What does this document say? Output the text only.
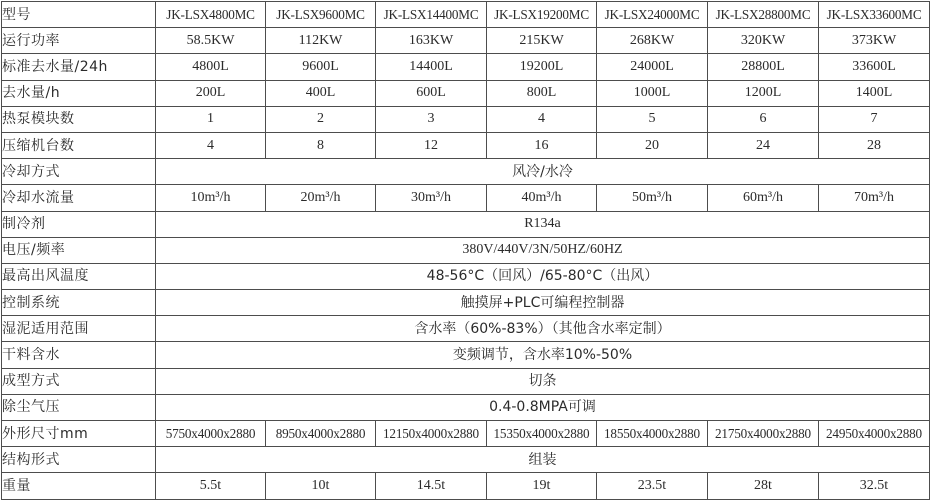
型号	JK-LSX4800MC	JK-LSX9600MC	JK-LSX14400MC	JK-LSX19200MC	JK-LSX24000MC	JK-LSX28800MC	JK-LSX33600MC
运行功率	58.5KW	112KW	163KW	215KW	268KW	320KW	373KW
标准去水量/24h	4800L	9600L	14400L	19200L	24000L	28800L	33600L
去水量/h	200L	400L	600L	800L	1000L	1200L	1400L
热泵模块数	1	2	3	4	5	6	7
压缩机台数	4	8	12	16	20	24	28
冷却方式	风冷/水冷						
冷却水流量	10m³/h	20m³/h	30m³/h	40m³/h	50m³/h	60m³/h	70m³/h
制冷剂	R134a						
电压/频率	380V/440V/3N/50HZ/60HZ						
最高出风温度	48-56°C（回风）/65-80°C（出风）						
控制系统	触摸屏+PLC可编程控制器						
湿泥适用范围	含水率（60%-83%）（其他含水率定制）						
干料含水	变频调节，含水率10%-50%						
成型方式	切条						
除尘气压	0.4-0.8MPA可调						
外形尺寸mm	5750x4000x2880	8950x4000x2880	12150x4000x2880	15350x4000x2880	18550x4000x2880	21750x4000x2880	24950x4000x2880
结构形式	组装						
重量	5.5t	10t	14.5t	19t	23.5t	28t	32.5t
